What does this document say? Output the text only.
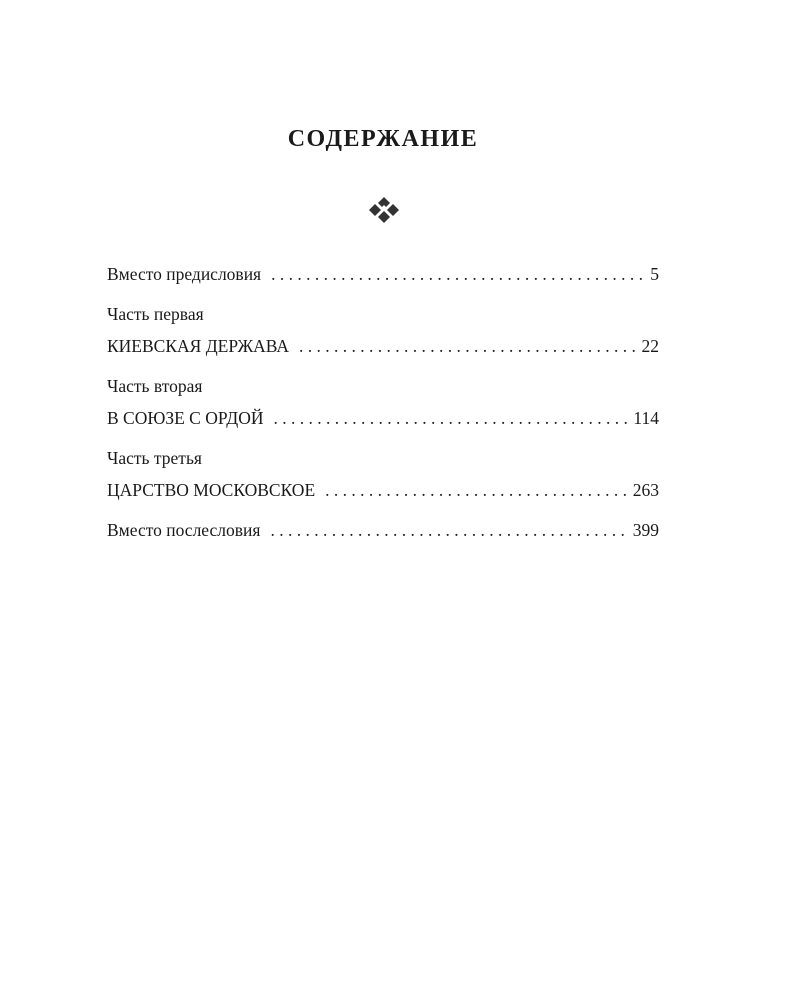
СОДЕРЖАНИЕ
Вместо предисловия . . .	5
Часть первая
КИЕВСКАЯ ДЕРЖАВА . . .	22
Часть вторая
В СОЮЗЕ С ОРДОЙ . . .	114
Часть третья
ЦАРСТВО МОСКОВСКОЕ . . .	263
Вместо послесловия . . .	399
